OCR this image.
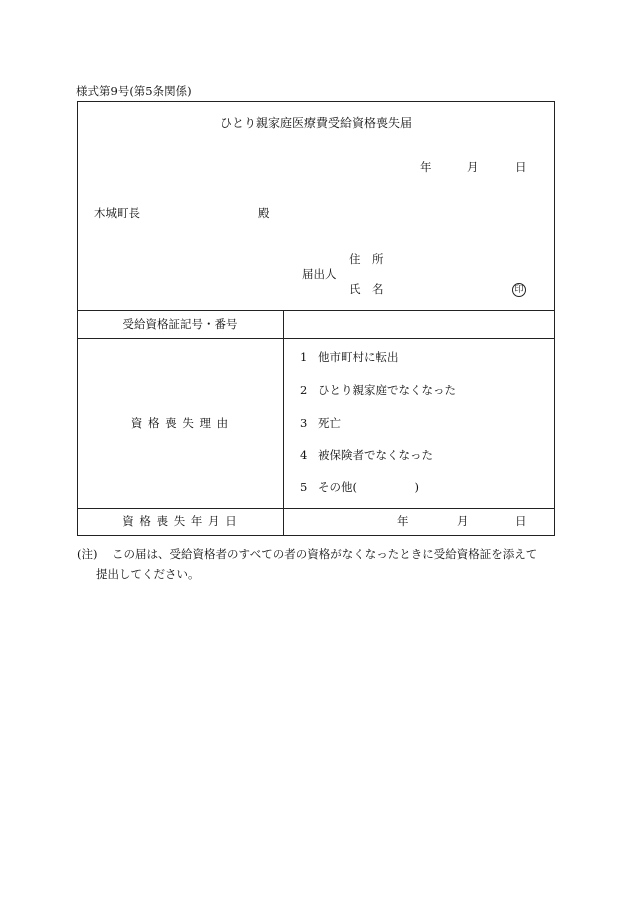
様式第9号(第5条関係)
ひとり親家庭医療費受給資格喪失届
年	月	日
木城町長	殿
住　所
届出人
氏　名	印
受給資格証記号・番号
資 格 喪 失 理 由
1 他市町村に転出
2 ひとり親家庭でなくなった
3 死亡
4 被保険者でなくなった
5 その他(　　　　　)
資 格 喪 失 年 月 日	年	月	日
(注) この届は、受給資格者のすべての者の資格がなくなったときに受給資格証を添えて
提出してください。
